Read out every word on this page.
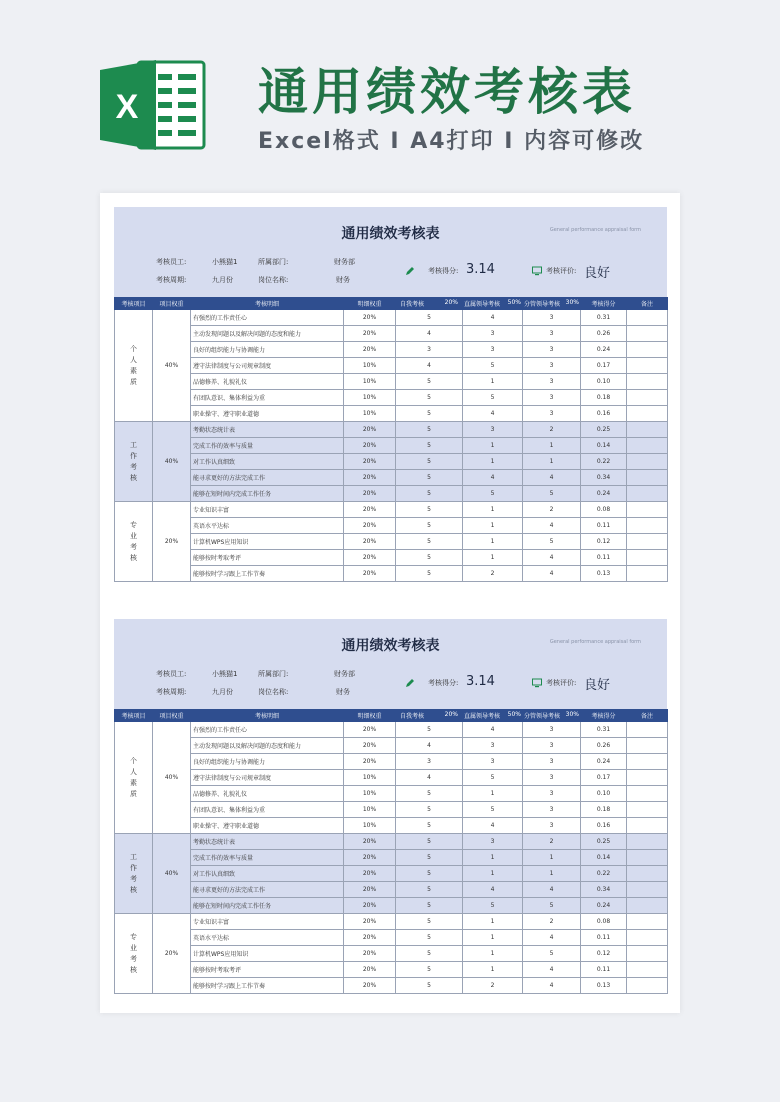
X 通用绩效考核表
Excel格式 I A4打印 I 内容可修改
通用绩效考核表	General performance appraisal form
考核员工:	小熊猫1
考核周期:	九月份
所属部门:	财务部
岗位名称:	财务
考核得分: 3.14	考核评价: 良好
考核项目	项目权重	考核明细	明细权重	自我考核 20%	直属领导考核 50%	分管领导考核 30%	考核得分	备注
个人素质	40%	有强烈的工作责任心	20%	5	4	3	0.31	
		主动发现问题以及解决问题的态度和能力	20%	4	3	3	0.26	
		良好的组织能力与协调能力	20%	3	3	3	0.24	
		遵守法律制度与公司规章制度	10%	4	5	3	0.17	
		品德修养、礼貌礼仪	10%	5	1	3	0.10	
		有团队意识、集体利益为重	10%	5	5	3	0.18	
		职业操守、遵守职业道德	10%	5	4	3	0.16	
工作考核	40%	考勤状态统计表	20%	5	3	2	0.25	
		完成工作的效率与质量	20%	5	1	1	0.14	
		对工作认真细致	20%	5	1	1	0.22	
		能寻求更好的方法完成工作	20%	5	4	4	0.34	
		能够在短时间内完成工作任务	20%	5	5	5	0.24	
专业考核	20%	专业知识丰富	20%	5	1	2	0.08	
		英语水平达标	20%	5	1	4	0.11	
		计算机WPS应用知识	20%	5	1	5	0.12	
		能够按时考取考评	20%	5	1	4	0.11	
		能够按时学习跟上工作节奏	20%	5	2	4	0.13	
通用绩效考核表	General performance appraisal form
考核员工:	小熊猫1
考核周期:	九月份
所属部门:	财务部
岗位名称:	财务
考核得分: 3.14	考核评价: 良好
考核项目	项目权重	考核明细	明细权重	自我考核 20%	直属领导考核 50%	分管领导考核 30%	考核得分	备注
个人素质	40%	有强烈的工作责任心	20%	5	4	3	0.31	
		主动发现问题以及解决问题的态度和能力	20%	4	3	3	0.26	
		良好的组织能力与协调能力	20%	3	3	3	0.24	
		遵守法律制度与公司规章制度	10%	4	5	3	0.17	
		品德修养、礼貌礼仪	10%	5	1	3	0.10	
		有团队意识、集体利益为重	10%	5	5	3	0.18	
		职业操守、遵守职业道德	10%	5	4	3	0.16	
工作考核	40%	考勤状态统计表	20%	5	3	2	0.25	
		完成工作的效率与质量	20%	5	1	1	0.14	
		对工作认真细致	20%	5	1	1	0.22	
		能寻求更好的方法完成工作	20%	5	4	4	0.34	
		能够在短时间内完成工作任务	20%	5	5	5	0.24	
专业考核	20%	专业知识丰富	20%	5	1	2	0.08	
		英语水平达标	20%	5	1	4	0.11	
		计算机WPS应用知识	20%	5	1	5	0.12	
		能够按时考取考评	20%	5	1	4	0.11	
		能够按时学习跟上工作节奏	20%	5	2	4	0.13	
